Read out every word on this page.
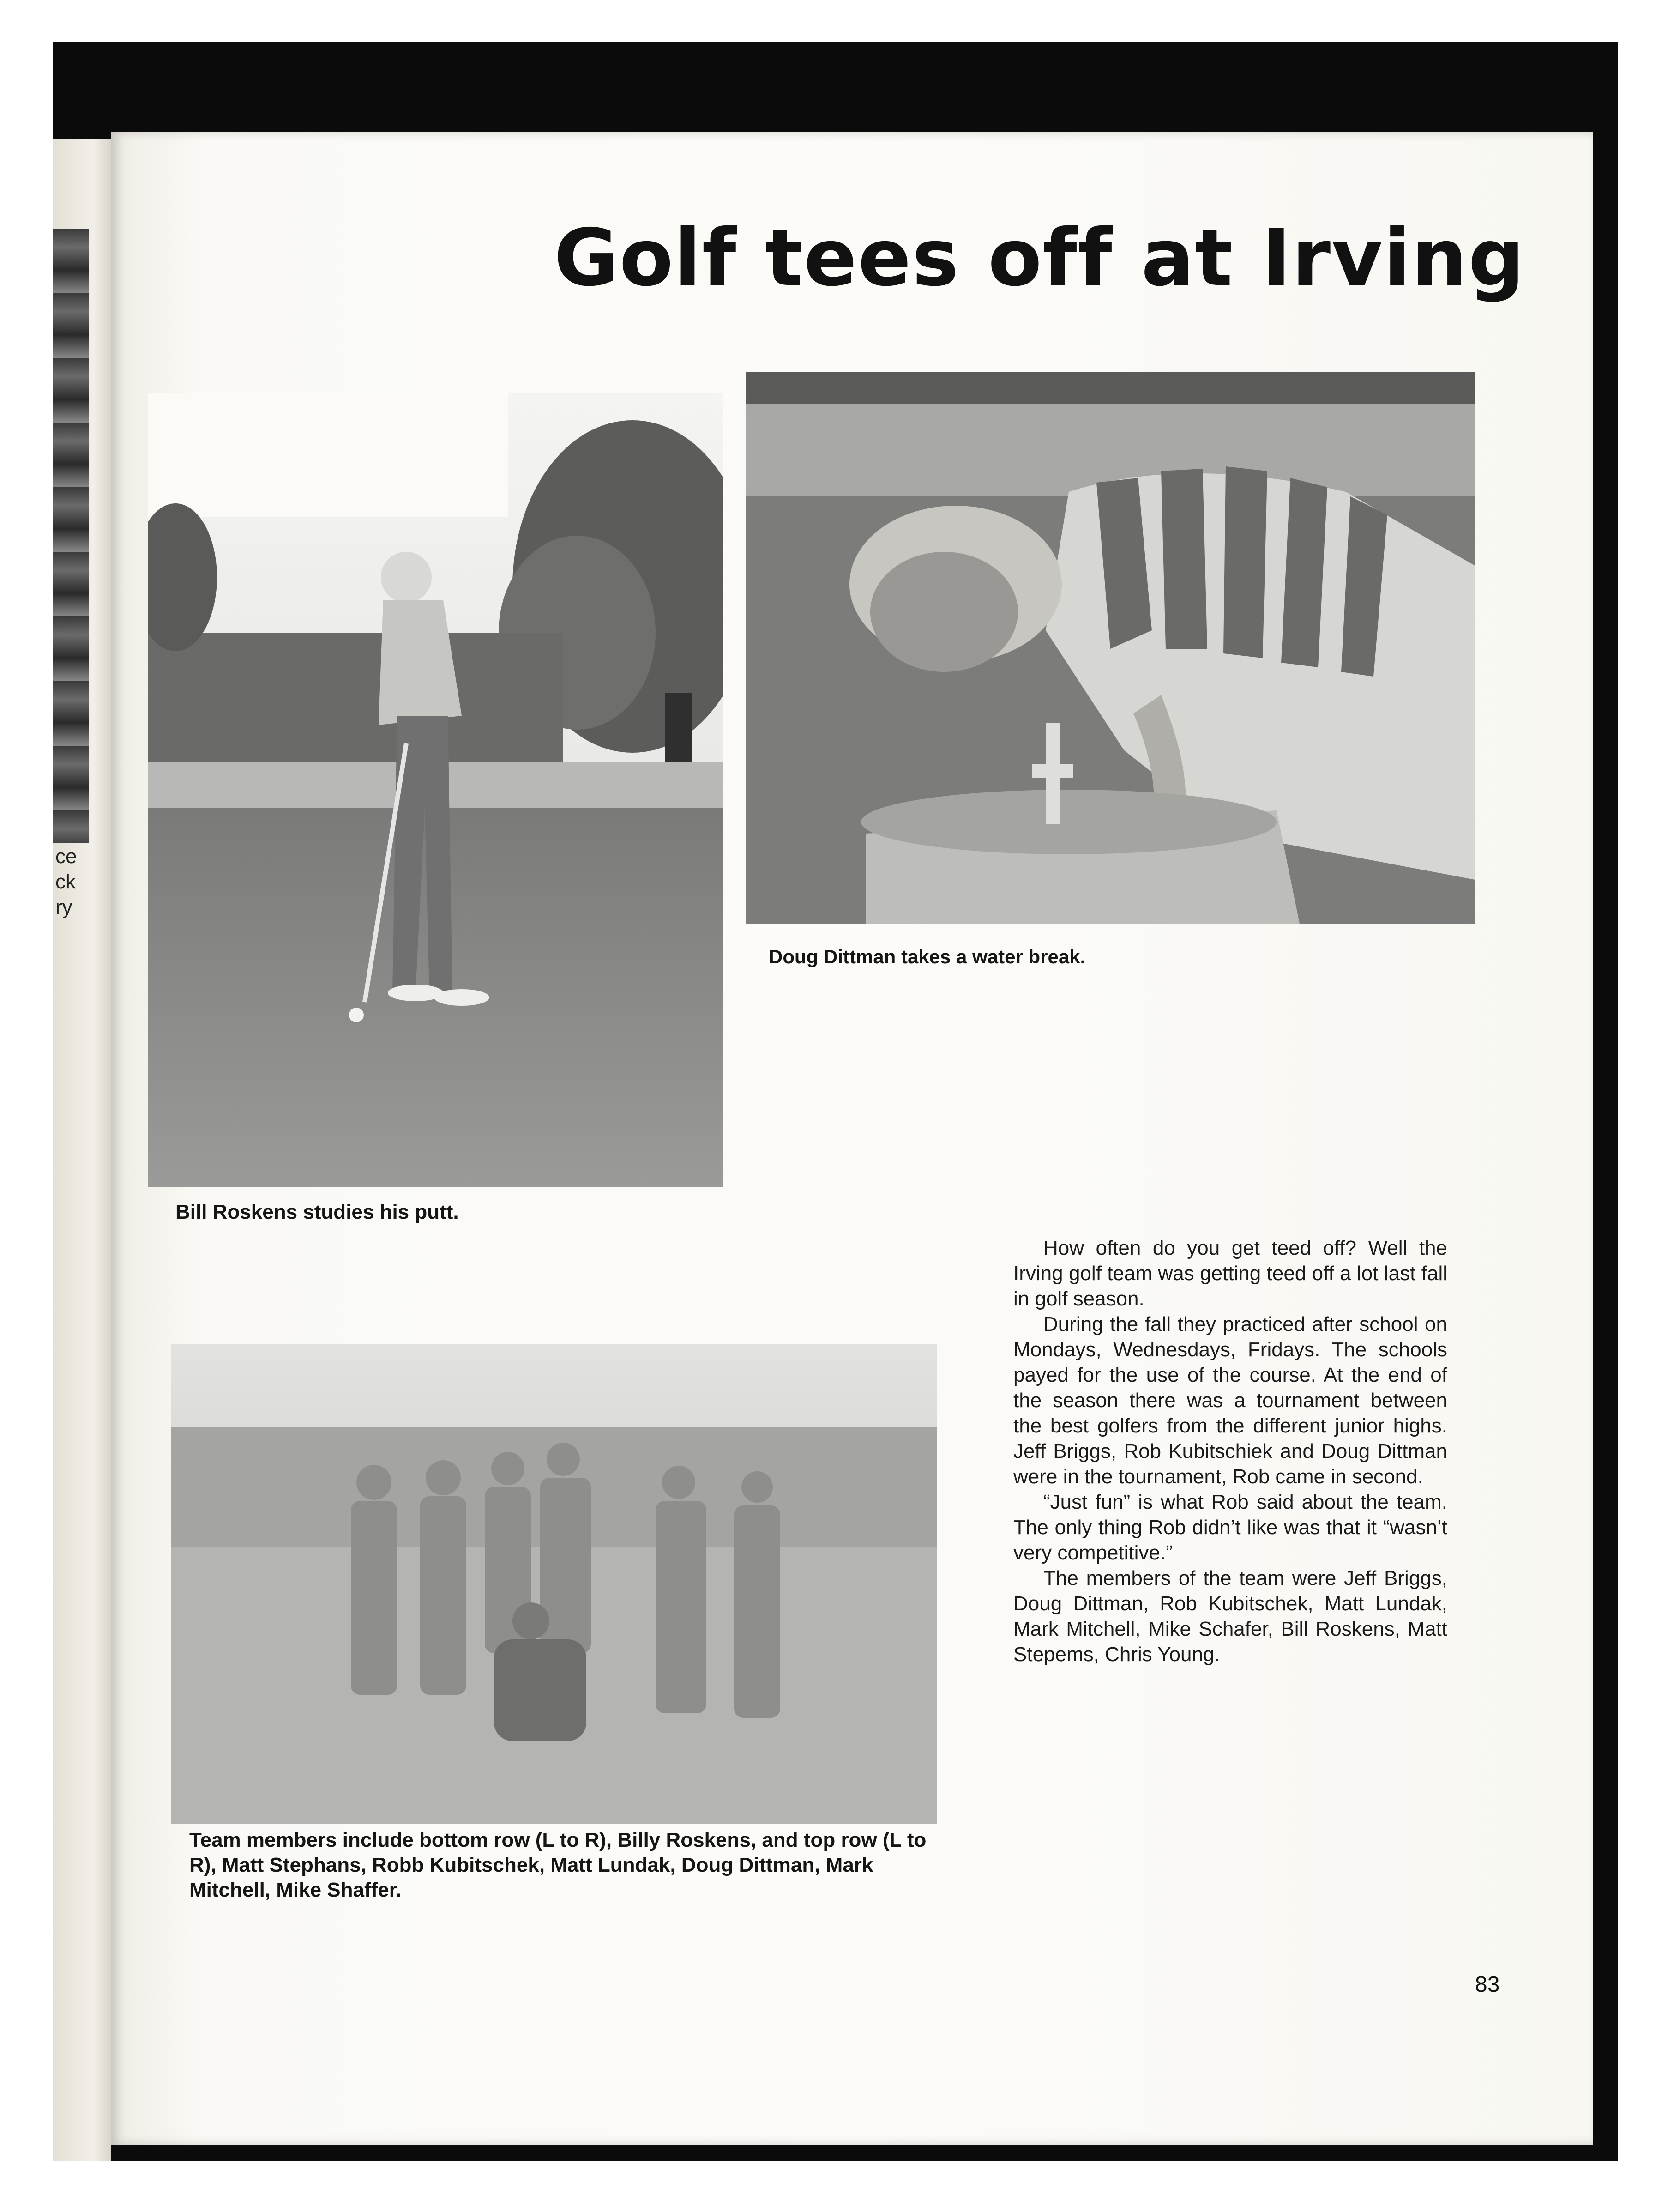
ce
ck
ry
Golf tees off at Irving
Bill Roskens studies his putt.
Doug Dittman takes a water break.
Team members include bottom row (L to R), Billy Roskens, and top row (L to R), Matt Stephans, Robb Kubitschek, Matt Lundak, Doug Dittman, Mark Mitchell, Mike Shaffer.

How often do you get teed off? Well the Irving golf team was getting teed off a lot last fall in golf season.

During the fall they practiced after school on Mondays, Wednesdays, Fridays. The schools payed for the use of the course. At the end of the season there was a tournament between the best golfers from the different junior highs. Jeff Briggs, Rob Kubitschiek and Doug Dittman were in the tournament, Rob came in second.

“Just fun” is what Rob said about the team. The only thing Rob didn’t like was that it “wasn’t very competitive.”

The members of the team were Jeff Briggs, Doug Dittman, Rob Kubitschek, Matt Lundak, Mark Mitchell, Mike Schafer, Bill Roskens, Matt Stepems, Chris Young.

83
